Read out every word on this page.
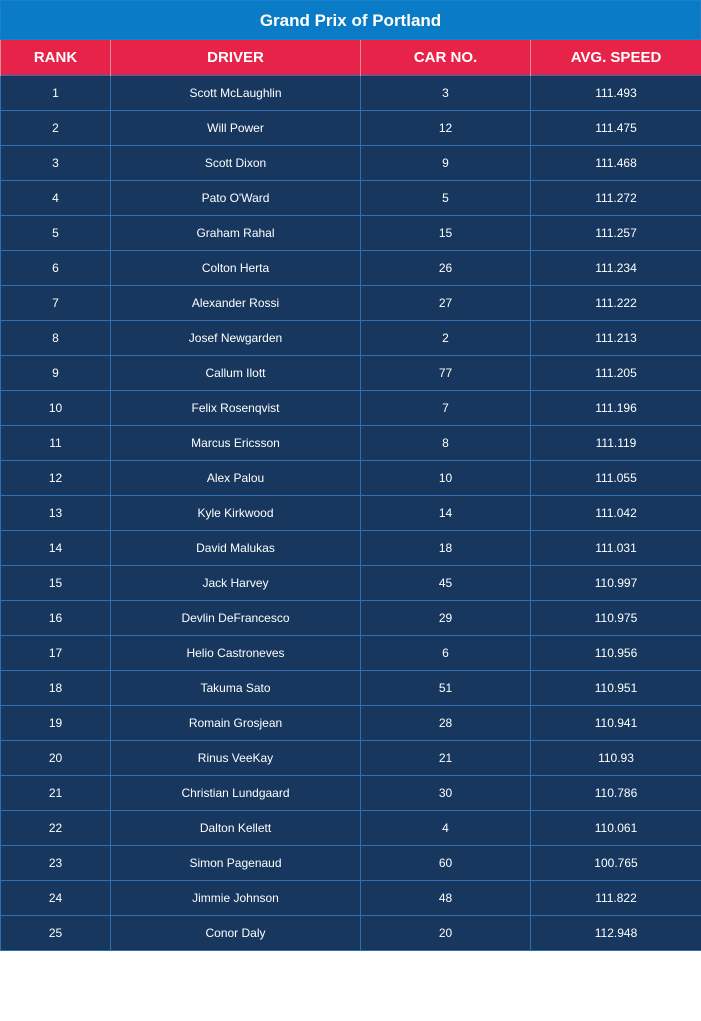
Grand Prix of Portland
RANK	DRIVER	CAR NO.	AVG. SPEED
1	Scott McLaughlin	3	111.493
2	Will Power	12	111.475
3	Scott Dixon	9	111.468
4	Pato O'Ward	5	111.272
5	Graham Rahal	15	111.257
6	Colton Herta	26	111.234
7	Alexander Rossi	27	111.222
8	Josef Newgarden	2	111.213
9	Callum Ilott	77	111.205
10	Felix Rosenqvist	7	111.196
11	Marcus Ericsson	8	111.119
12	Alex Palou	10	111.055
13	Kyle Kirkwood	14	111.042
14	David Malukas	18	111.031
15	Jack Harvey	45	110.997
16	Devlin DeFrancesco	29	110.975
17	Helio Castroneves	6	110.956
18	Takuma Sato	51	110.951
19	Romain Grosjean	28	110.941
20	Rinus VeeKay	21	110.93
21	Christian Lundgaard	30	110.786
22	Dalton Kellett	4	110.061
23	Simon Pagenaud	60	100.765
24	Jimmie Johnson	48	111.822
25	Conor Daly	20	112.948
